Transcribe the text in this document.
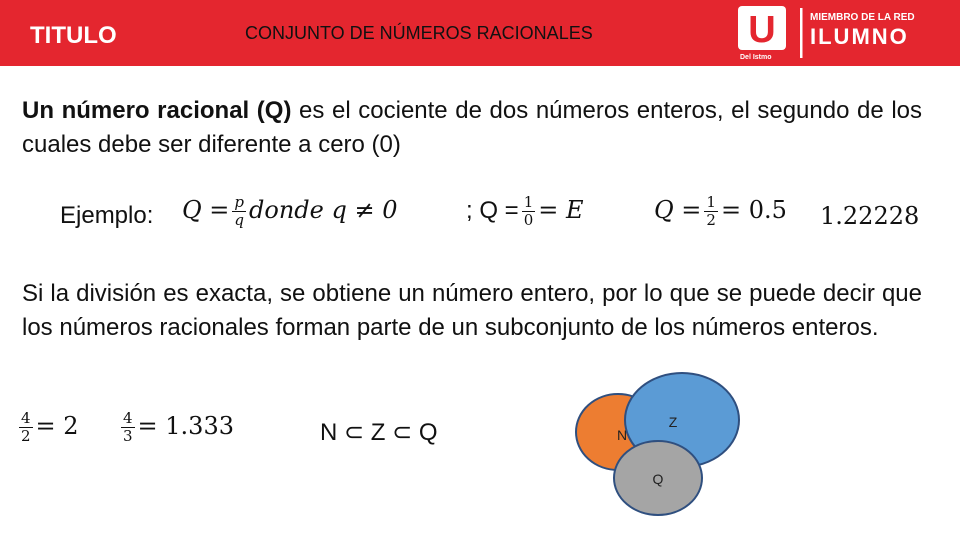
TITULO	CONJUNTO DE NÚMEROS RACIONALES	U
Del Istmo
MIEMBRO DE LA RED
ILUMNO
Un número racional (Q) es el cociente de dos números enteros, el segundo de los cuales debe ser diferente a cero (0)
Ejemplo: $Q = \frac{p}{q}$ donde q ≠ 0	; $Q = \frac{1}{0} = E$	$Q = \frac{1}{2} = 0.5$ 1.22228
Si la división es exacta, se obtiene un número entero, por lo que se puede decir que los números racionales forman parte de un subconjunto de los números enteros.
$\frac{4}{2} = 2$	$\frac{4}{3} = 1.333$	N ⊂ Z ⊂ Q	N
Z
Q
